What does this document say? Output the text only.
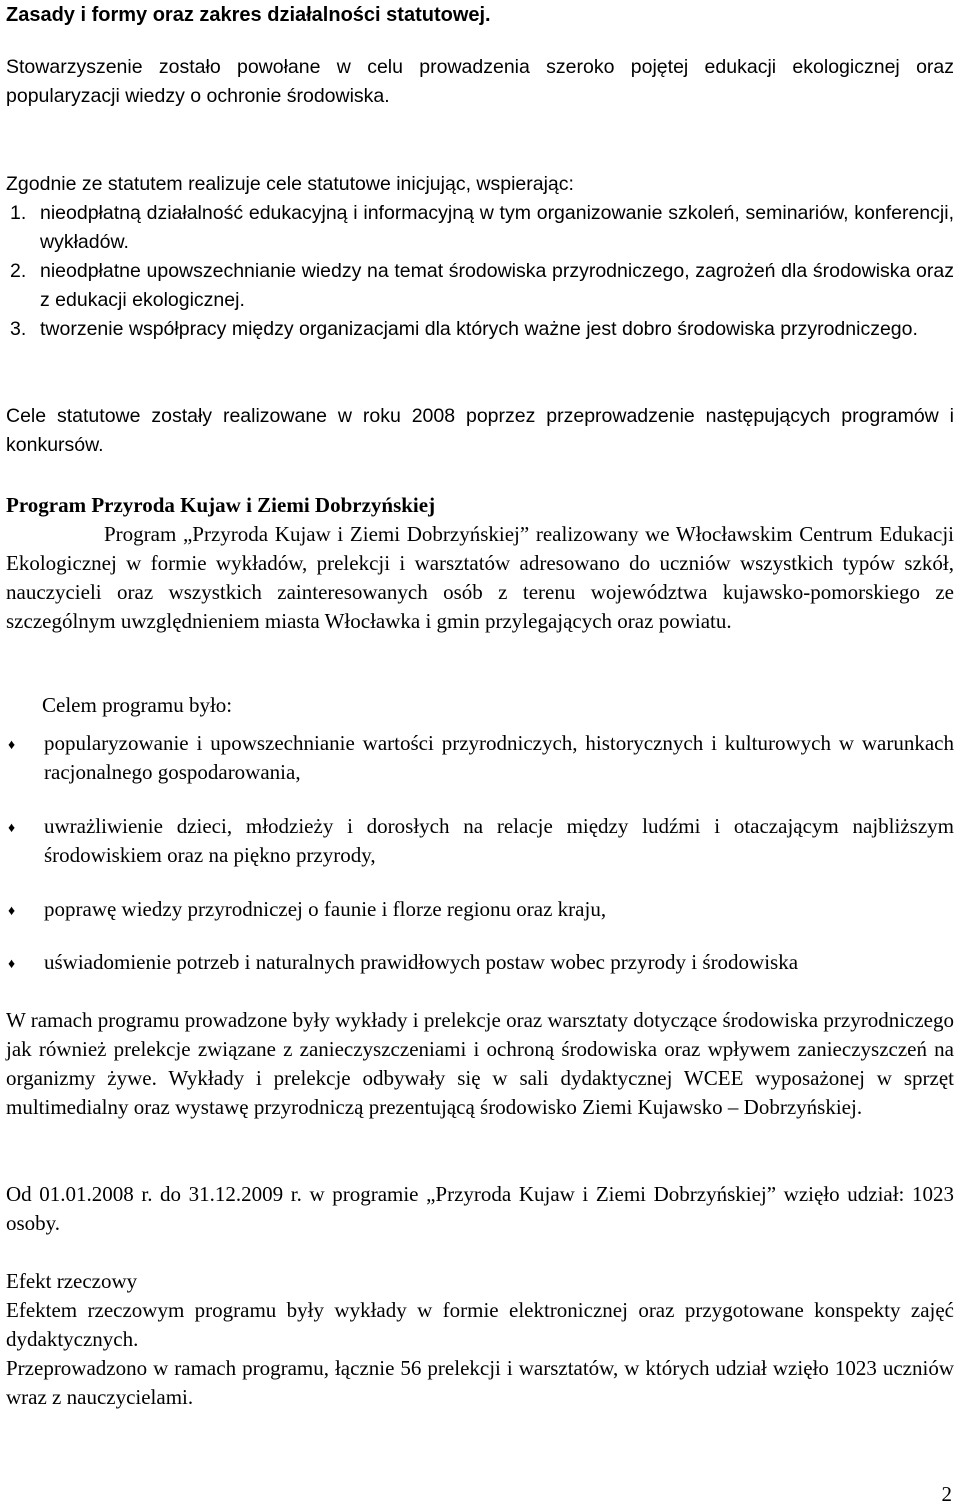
Zasady i formy oraz zakres działalności statutowej.
Stowarzyszenie zostało powołane w celu prowadzenia szeroko pojętej edukacji ekologicznej oraz popularyzacji wiedzy o ochronie środowiska.
Zgodnie ze statutem realizuje cele statutowe inicjując, wspierając:
1. nieodpłatną działalność edukacyjną i informacyjną w tym organizowanie szkoleń, seminariów, konferencji, wykładów.
2. nieodpłatne upowszechnianie wiedzy na temat środowiska przyrodniczego, zagrożeń dla środowiska oraz z edukacji ekologicznej.
3. tworzenie współpracy między organizacjami dla których ważne jest dobro środowiska przyrodniczego.
Cele statutowe zostały realizowane w roku 2008 poprzez przeprowadzenie następujących programów i konkursów.
Program Przyroda Kujaw i Ziemi Dobrzyńskiej
Program „Przyroda Kujaw i Ziemi Dobrzyńskiej” realizowany we Włocławskim Centrum Edukacji Ekologicznej w formie wykładów, prelekcji i warsztatów adresowano do uczniów wszystkich typów szkół, nauczycieli oraz wszystkich zainteresowanych osób z terenu województwa kujawsko-pomorskiego ze szczególnym uwzględnieniem miasta Włocławka i gmin przylegających oraz powiatu.
Celem programu było:
♦	popularyzowanie i upowszechnianie wartości przyrodniczych, historycznych i kulturowych w warunkach racjonalnego gospodarowania,
♦	uwrażliwienie dzieci, młodzieży i dorosłych na relacje między ludźmi i otaczającym najbliższym środowiskiem oraz na piękno przyrody,
♦	poprawę wiedzy przyrodniczej o faunie i florze regionu oraz kraju,
♦	uświadomienie potrzeb i naturalnych prawidłowych postaw wobec przyrody i środowiska
W ramach programu prowadzone były wykłady i prelekcje oraz warsztaty dotyczące środowiska przyrodniczego jak również prelekcje związane z zanieczyszczeniami i ochroną środowiska oraz wpływem zanieczyszczeń na organizmy żywe. Wykłady i prelekcje odbywały się w sali dydaktycznej WCEE wyposażonej w sprzęt multimedialny oraz wystawę przyrodniczą prezentującą środowisko Ziemi Kujawsko – Dobrzyńskiej.
Od 01.01.2008 r. do 31.12.2009 r. w programie „Przyroda Kujaw i Ziemi Dobrzyńskiej” wzięło udział: 1023 osoby.
Efekt rzeczowy
Efektem rzeczowym programu były wykłady w formie elektronicznej oraz przygotowane konspekty zajęć dydaktycznych.
Przeprowadzono w ramach programu, łącznie 56 prelekcji i warsztatów, w których udział wzięło 1023 uczniów wraz z nauczycielami.
2
